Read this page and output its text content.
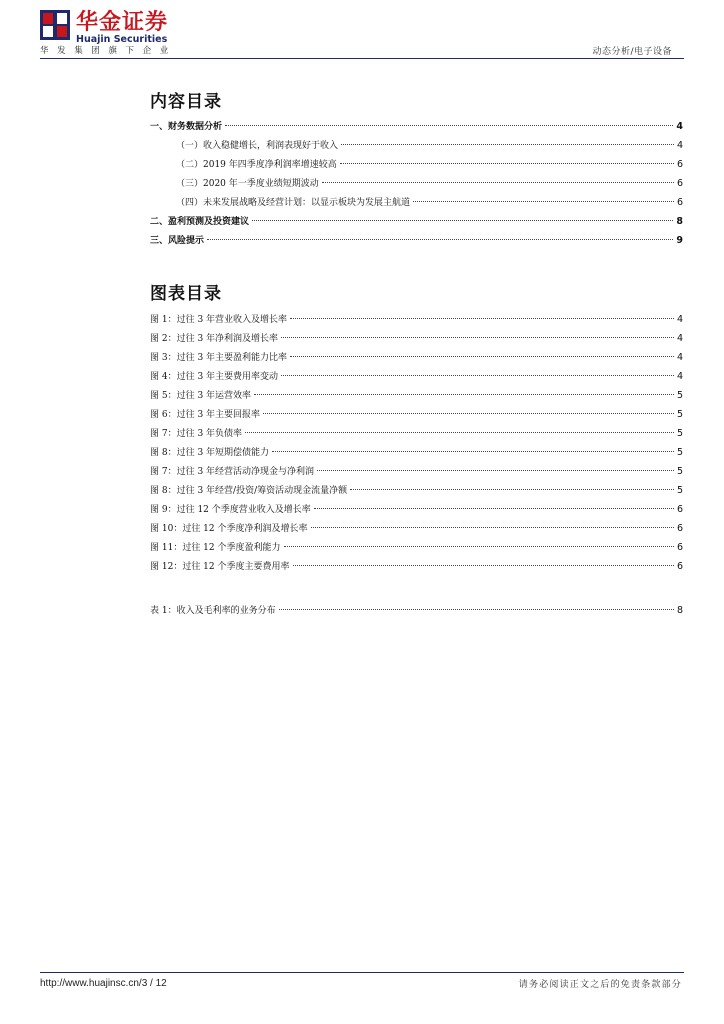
华金证券
Huajin Securities
华发集团旗下企业	动态分析/电子设备
内容目录
一、财务数据分析	4
（一）收入稳健增长，利润表现好于收入	4
（二）2019 年四季度净利润率增速较高	6
（三）2020 年一季度业绩短期波动	6
（四）未来发展战略及经营计划：以显示板块为发展主航道	6
二、盈利预测及投资建议	8
三、风险提示	9
图表目录
图 1：过往 3 年营业收入及增长率	4
图 2：过往 3 年净利润及增长率	4
图 3：过往 3 年主要盈利能力比率	4
图 4：过往 3 年主要费用率变动	4
图 5：过往 3 年运营效率	5
图 6：过往 3 年主要回报率	5
图 7：过往 3 年负债率	5
图 8：过往 3 年短期偿债能力	5
图 7：过往 3 年经营活动净现金与净利润	5
图 8：过往 3 年经营/投资/筹资活动现金流量净额	5
图 9：过往 12 个季度营业收入及增长率	6
图 10：过往 12 个季度净利润及增长率	6
图 11：过往 12 个季度盈利能力	6
图 12：过往 12 个季度主要费用率	6
表 1：收入及毛利率的业务分布	8
http://www.huajinsc.cn/3 / 12	请务必阅读正文之后的免责条款部分
